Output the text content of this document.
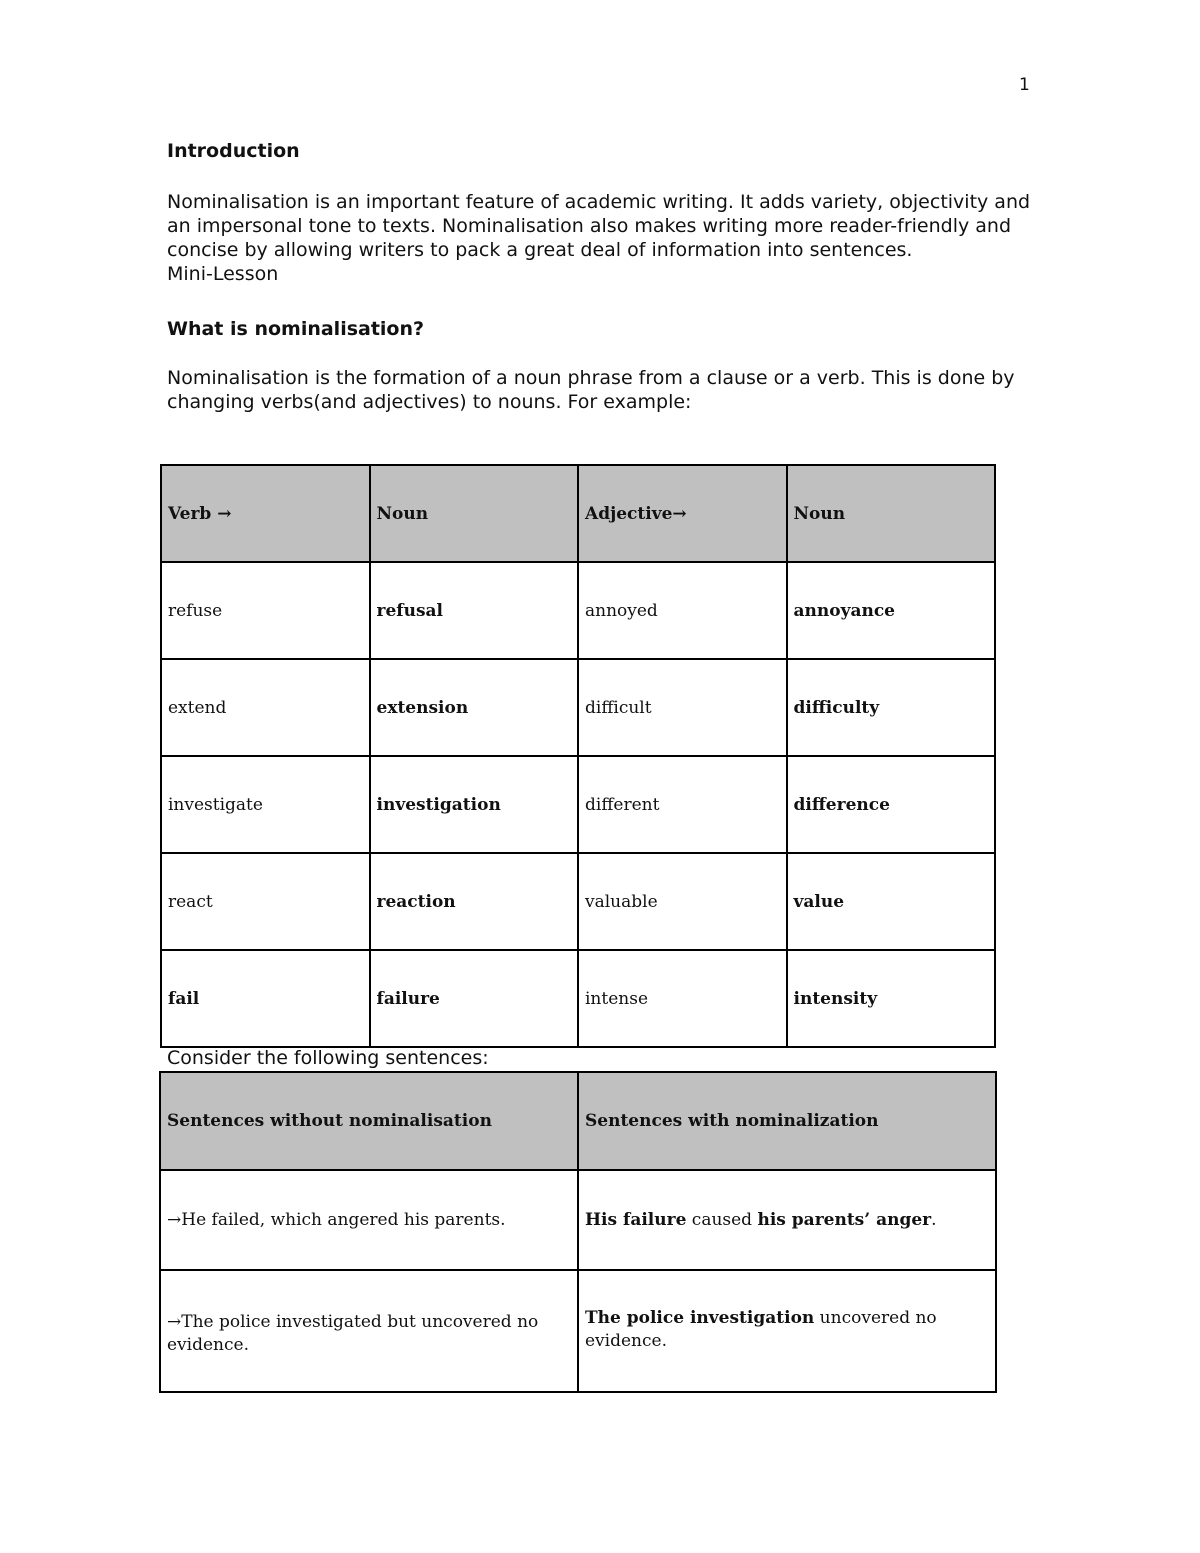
1

Introduction

Nominalisation is an important feature of academic writing. It adds variety, objectivity and an impersonal tone to texts. Nominalisation also makes writing more reader-friendly and concise by allowing writers to pack a great deal of information into sentences.

Mini-Lesson

What is nominalisation?

Nominalisation is the formation of a noun phrase from a clause or a verb. This is done by changing verbs(and adjectives) to nouns. For example:

Verb →	Noun	Adjective→	Noun
refuse	refusal	annoyed	annoyance
extend	extension	difficult	difficulty
investigate	investigation	different	difference
react	reaction	valuable	value
fail	failure	intense	intensity
Consider the following sentences:
Sentences without nominalisation	Sentences with nominalization
→He failed, which angered his parents.	His failure caused his parents’ anger.
→The police investigated but uncovered no evidence.	The police investigation uncovered no evidence.
